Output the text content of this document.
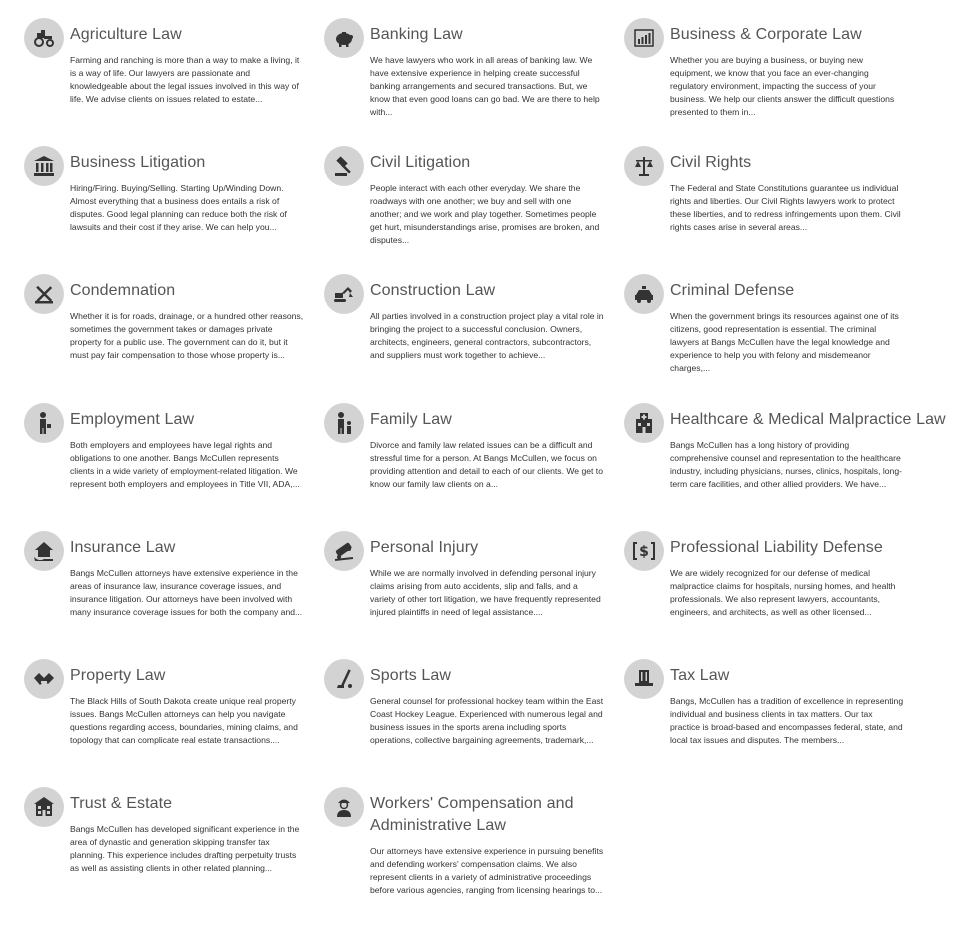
Agriculture Law
Farming and ranching is more than a way to make a living, it is a way of life. Our lawyers are passionate and knowledgeable about the legal issues involved in this way of life. We advise clients on issues related to estate...
Banking Law
We have lawyers who work in all areas of banking law. We have extensive experience in helping create successful banking arrangements and secured transactions. But, we know that even good loans can go bad. We are there to help with...
Business & Corporate Law
Whether you are buying a business, or buying new equipment, we know that you face an ever-changing regulatory environment, impacting the success of your business. We help our clients answer the difficult questions presented to them in...
Business Litigation
Hiring/Firing. Buying/Selling. Starting Up/Winding Down. Almost everything that a business does entails a risk of disputes. Good legal planning can reduce both the risk of lawsuits and their cost if they arise. We can help you...
Civil Litigation
People interact with each other everyday. We share the roadways with one another; we buy and sell with one another; and we work and play together. Sometimes people get hurt, misunderstandings arise, promises are broken, and disputes...
Civil Rights
The Federal and State Constitutions guarantee us individual rights and liberties. Our Civil Rights lawyers work to protect these liberties, and to redress infringements upon them. Civil rights cases arise in several areas...
Condemnation
Whether it is for roads, drainage, or a hundred other reasons, sometimes the government takes or damages private property for a public use. The government can do it, but it must pay fair compensation to those whose property is...
Construction Law
All parties involved in a construction project play a vital role in bringing the project to a successful conclusion. Owners, architects, engineers, general contractors, subcontractors, and suppliers must work together to achieve...
Criminal Defense
When the government brings its resources against one of its citizens, good representation is essential. The criminal lawyers at Bangs McCullen have the legal knowledge and experience to help you with felony and misdemeanor charges,...
Employment Law
Both employers and employees have legal rights and obligations to one another. Bangs McCullen represents clients in a wide variety of employment-related litigation. We represent both employers and employees in Title VII, ADA,...
Family Law
Divorce and family law related issues can be a difficult and stressful time for a person. At Bangs McCullen, we focus on providing attention and detail to each of our clients. We get to know our family law clients on a...
Healthcare & Medical Malpractice Law
Bangs McCullen has a long history of providing comprehensive counsel and representation to the healthcare industry, including physicians, nurses, clinics, hospitals, long-term care facilities, and other allied providers. We have...
Insurance Law
Bangs McCullen attorneys have extensive experience in the areas of insurance law, insurance coverage issues, and insurance litigation. Our attorneys have been involved with many insurance coverage issues for both the company and...
Personal Injury
While we are normally involved in defending personal injury claims arising from auto accidents, slip and falls, and a variety of other tort litigation, we have frequently represented injured plaintiffs in need of legal assistance....
$ Professional Liability Defense
We are widely recognized for our defense of medical malpractice claims for hospitals, nursing homes, and health professionals. We also represent lawyers, accountants, engineers, and architects, as well as other licensed...
Property Law
The Black Hills of South Dakota create unique real property issues. Bangs McCullen attorneys can help you navigate questions regarding access, boundaries, mining claims, and topology that can complicate real estate transactions....
Sports Law
General counsel for professional hockey team within the East Coast Hockey League. Experienced with numerous legal and business issues in the sports arena including sports operations, collective bargaining agreements, trademark,...
Tax Law
Bangs, McCullen has a tradition of excellence in representing individual and business clients in tax matters. Our tax practice is broad-based and encompasses federal, state, and local tax issues and disputes. The members...
Trust & Estate
Bangs McCullen has developed significant experience in the area of dynastic and generation skipping transfer tax planning. This experience includes drafting perpetuity trusts as well as assisting clients in other related planning...
Workers' Compensation and Administrative Law
Our attorneys have extensive experience in pursuing benefits and defending workers' compensation claims. We also represent clients in a variety of administrative proceedings before various agencies, ranging from licensing hearings to...
